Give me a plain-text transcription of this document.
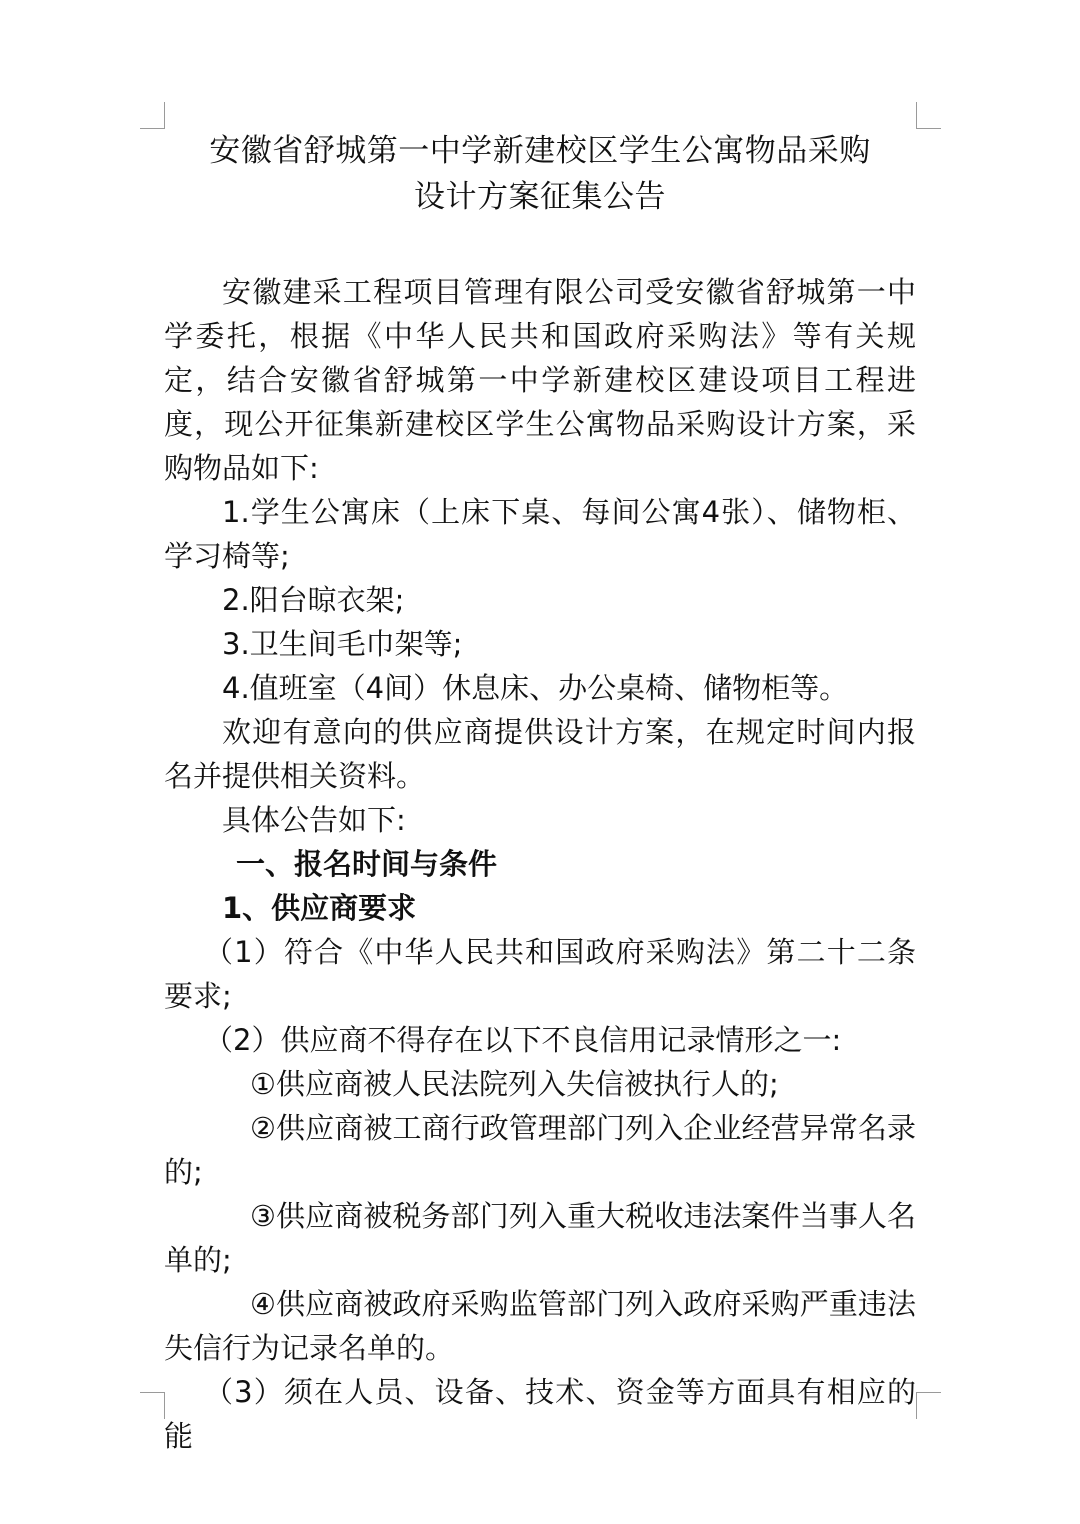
安徽省舒城第一中学新建校区学生公寓物品采购
设计方案征集公告

安徽建采工程项目管理有限公司受安徽省舒城第一中学委托，根据《中华人民共和国政府采购法》等有关规定，结合安徽省舒城第一中学新建校区建设项目工程进度，现公开征集新建校区学生公寓物品采购设计方案，采购物品如下:

1.学生公寓床（上床下桌、每间公寓4张）、储物柜、学习椅等;

2.阳台晾衣架;

3.卫生间毛巾架等;

4.值班室（4间）休息床、办公桌椅、储物柜等。

欢迎有意向的供应商提供设计方案，在规定时间内报名并提供相关资料。

具体公告如下:

一、报名时间与条件

1、供应商要求

（1）符合《中华人民共和国政府采购法》第二十二条要求;

（2）供应商不得存在以下不良信用记录情形之一:

①供应商被人民法院列入失信被执行人的;

②供应商被工商行政管理部门列入企业经营异常名录的;

③供应商被税务部门列入重大税收违法案件当事人名单的;

④供应商被政府采购监管部门列入政府采购严重违法失信行为记录名单的。

（3）须在人员、设备、技术、资金等方面具有相应的能
